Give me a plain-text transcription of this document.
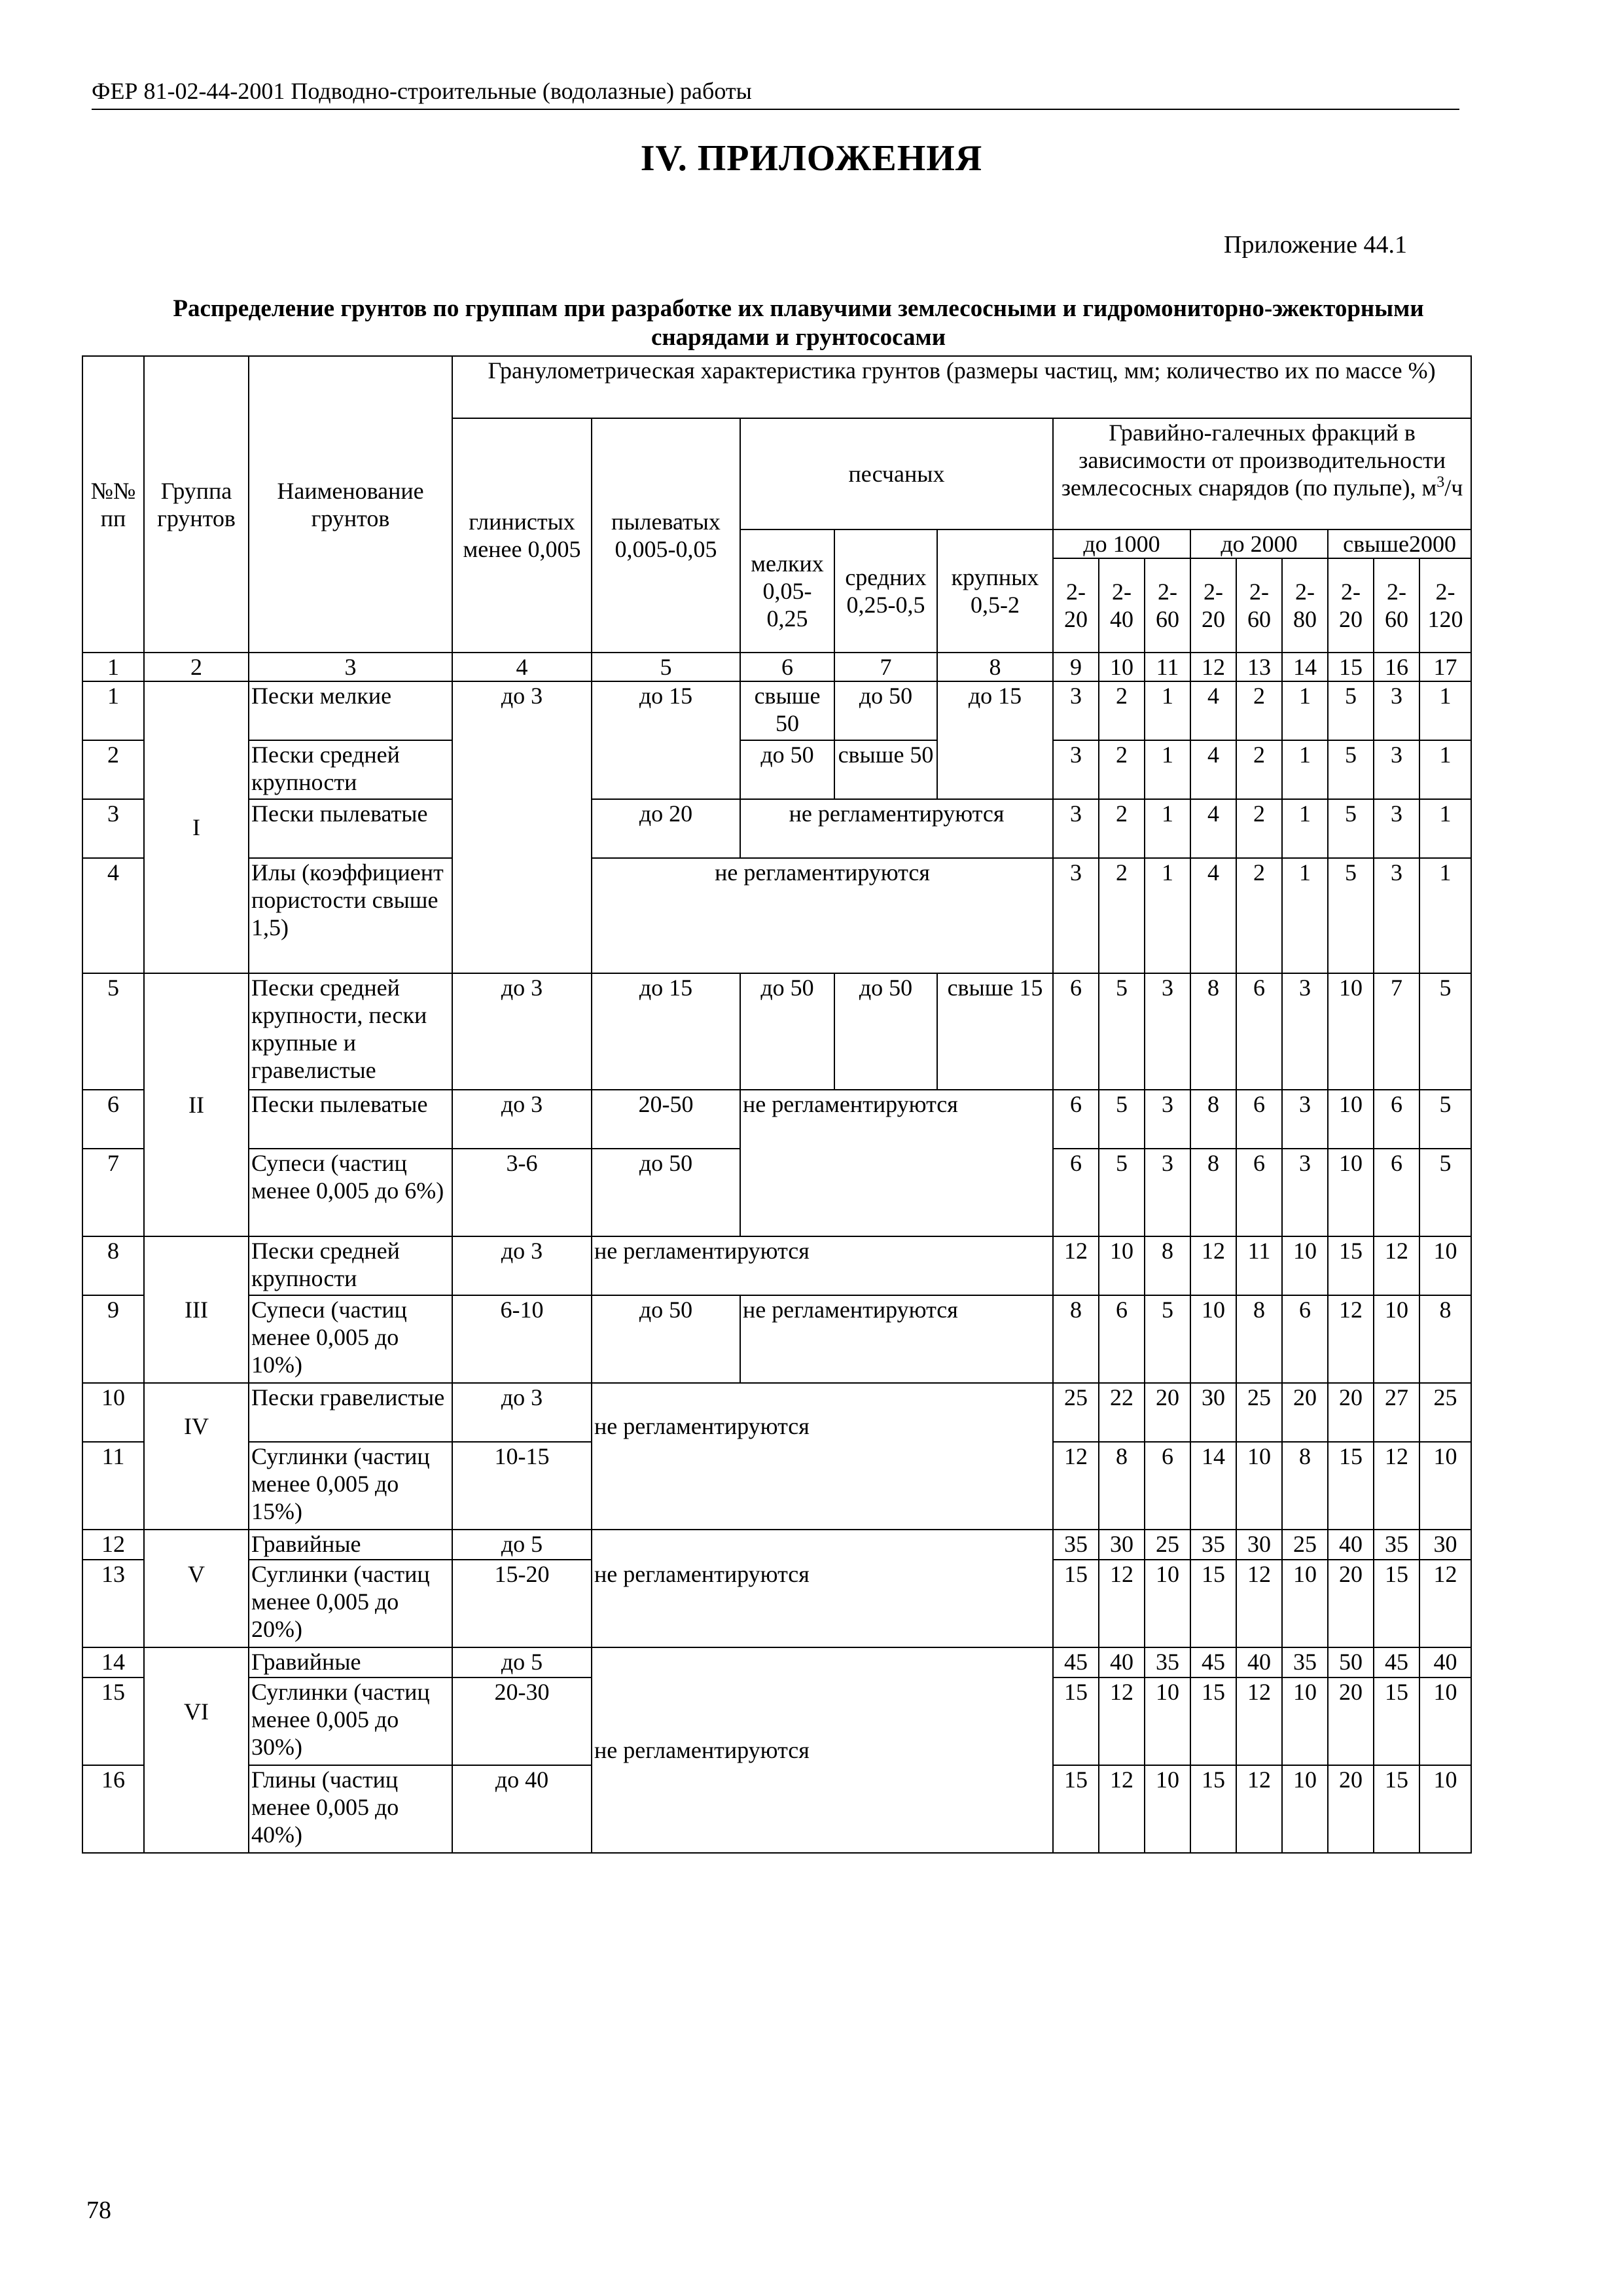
ФЕР 81-02-44-2001 Подводно-строительные (водолазные) работы
IV. ПРИЛОЖЕНИЯ
Приложение 44.1
Распределение грунтов по группам при разработке их плавучими землесосными и гидромониторно-эжекторными снарядами и грунтососами
№№ пп	Группа грунтов	Наименование грунтов	Гранулометрическая характеристика грунтов (размеры частиц, мм; количество их по массе %)													
			глинистых менее 0,005	пылеватых 0,005-0,05	песчаных			Гравийно-галечных фракций в зависимости от производительности землесосных снарядов (по пульпе), $м^3/ч$								

					мелких 0,05-0,25	средних 0,25-0,5	крупных 0,5-2	до 1000			до 2000			свыше2000		
								2-20	2-40	2-60	2-20	2-60	2-80	2-20	2-60	2-120
1	2	3	4	5	6	7	8	9	10	11	12	13	14	15	16	17
1	I	Пески мелкие	до 3	до 15	свыше 50	до 50	до 15	3	2	1	4	2	1	5	3	1
2		Пески средней крупности			до 50	свыше 50		3	2	1	4	2	1	5	3	1
3		Пески пылеватые		до 20	не регламентируются			3	2	1	4	2	1	5	3	1
4		Илы (коэффициент пористости свыше 1,5)		не регламентируются				3	2	1	4	2	1	5	3	1
5	II	Пески средней крупности, пески крупные и гравелистые	до 3	до 15	до 50	до 50	свыше 15	6	5	3	8	6	3	10	7	5
6		Пески пылеватые	до 3	20-50	не регламентируются			6	5	3	8	6	3	10	6	5
7		Супеси (частиц менее 0,005 до 6%)	3-6	до 50				6	5	3	8	6	3	10	6	5
8	III	Пески средней крупности	до 3	не регламентируются				12	10	8	12	11	10	15	12	10
9		Супеси (частиц менее 0,005 до 10%)	6-10	до 50	не регламентируются			8	6	5	10	8	6	12	10	8
10	IV	Пески гравелистые	до 3	не регламентируются				25	22	20	30	25	20	20	27	25
11		Суглинки (частиц менее 0,005 до 15%)	10-15					12	8	6	14	10	8	15	12	10
12	V	Гравийные	до 5	не регламентируются				35	30	25	35	30	25	40	35	30
13		Суглинки (частиц менее 0,005 до 20%)	15-20					15	12	10	15	12	10	20	15	12
14	VI	Гравийные	до 5	не регламентируются				45	40	35	45	40	35	50	45	40
15		Суглинки (частиц менее 0,005 до 30%)	20-30					15	12	10	15	12	10	20	15	10
16		Глины (частиц менее 0,005 до 40%)	до 40					15	12	10	15	12	10	20	15	10
78
